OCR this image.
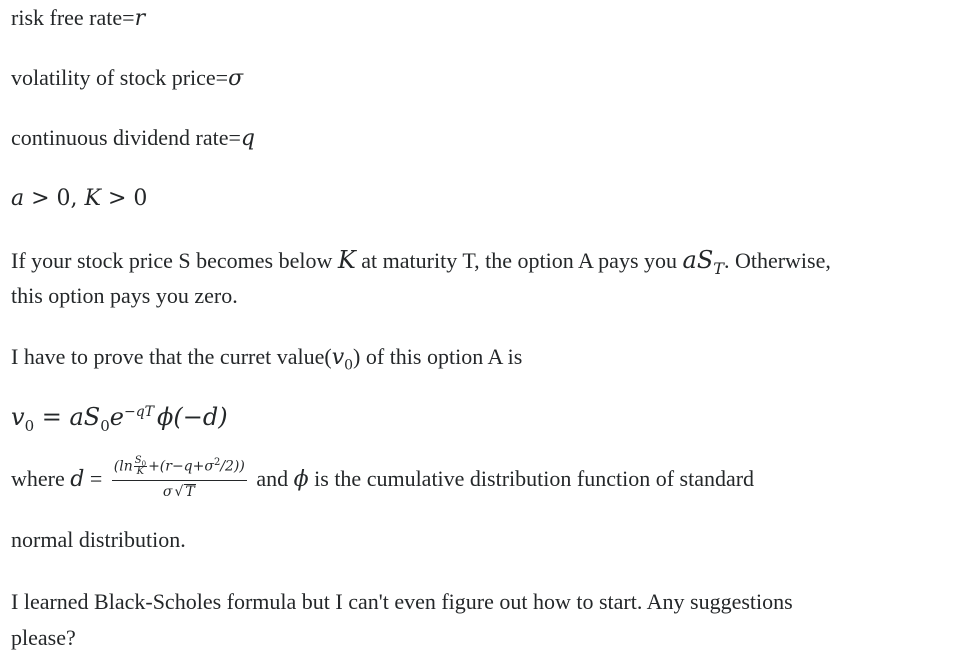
risk free rate=r

volatility of stock price=σ

continuous dividend rate=q

a > 0, K > 0

If your stock price S becomes below K at maturity T, the option A pays you $aS_T$. Otherwise,

this option pays you zero.

I have to prove that the curret $value(v_0)$ of this option A is

$v_0 = aS_0e^{-qT}$ ϕ(−d)

where $d = \frac{(\ln \frac{S_0}{K} +(r-q+\sigma^2/2))}{\sigma √ T}$ and ϕ is the cumulative distribution function of standard

normal distribution.

I learned Black-Scholes formula but I can't even figure out how to start. Any suggestions

please?
